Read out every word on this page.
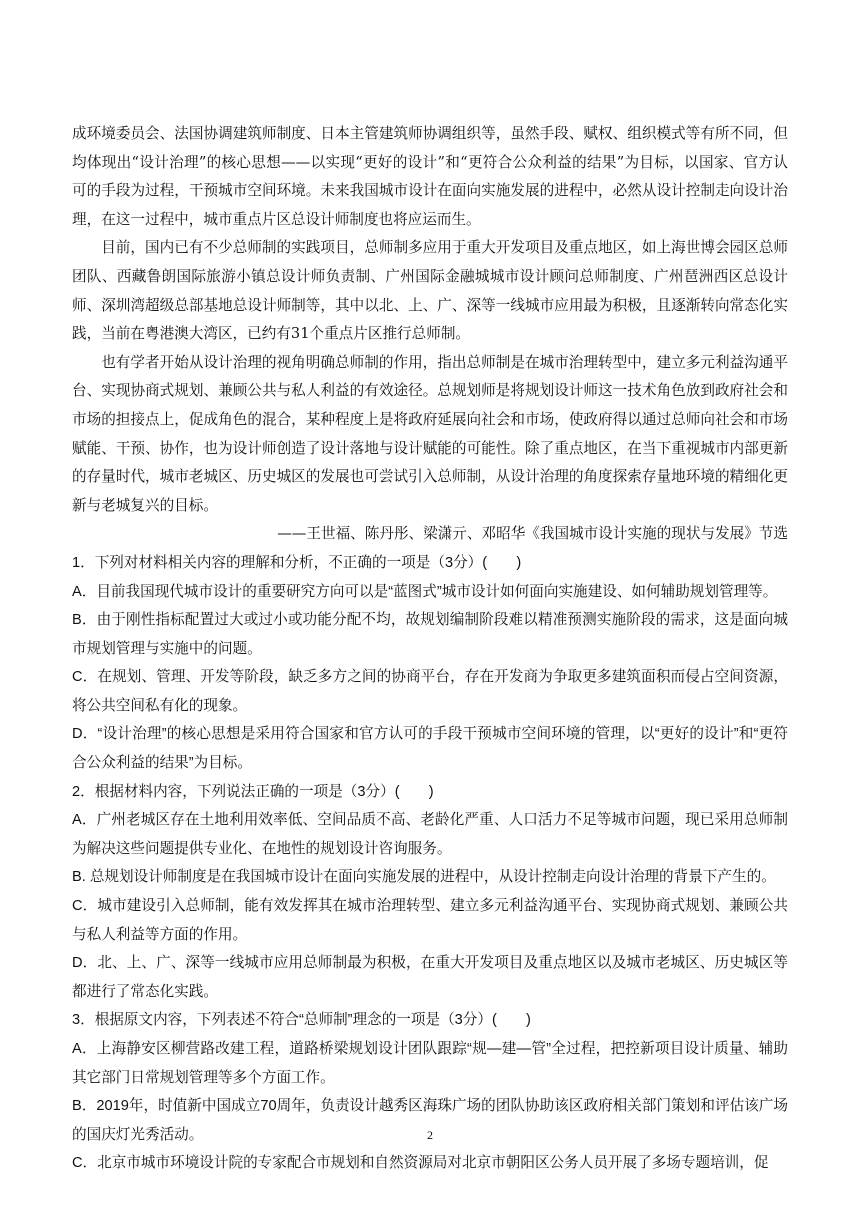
成环境委员会、法国协调建筑师制度、日本主管建筑师协调组织等，虽然手段、赋权、组织模式等有所不同，但均体现出“设计治理”的核心思想——以实现“更好的设计”和“更符合公众利益的结果”为目标，以国家、官方认可的手段为过程，干预城市空间环境。未来我国城市设计在面向实施发展的进程中，必然从设计控制走向设计治理，在这一过程中，城市重点片区总设计师制度也将应运而生。

目前，国内已有不少总师制的实践项目，总师制多应用于重大开发项目及重点地区，如上海世博会园区总师团队、西藏鲁朗国际旅游小镇总设计师负责制、广州国际金融城城市设计顾问总师制度、广州琶洲西区总设计师、深圳湾超级总部基地总设计师制等，其中以北、上、广、深等一线城市应用最为积极，且逐渐转向常态化实践，当前在粤港澳大湾区，已约有31个重点片区推行总师制。

也有学者开始从设计治理的视角明确总师制的作用，指出总师制是在城市治理转型中，建立多元利益沟通平台、实现协商式规划、兼顾公共与私人利益的有效途径。总规划师是将规划设计师这一技术角色放到政府社会和市场的担接点上，促成角色的混合，某种程度上是将政府延展向社会和市场，使政府得以通过总师向社会和市场赋能、干预、协作，也为设计师创造了设计落地与设计赋能的可能性。除了重点地区，在当下重视城市内部更新的存量时代，城市老城区、历史城区的发展也可尝试引入总师制，从设计治理的角度探索存量地环境的精细化更新与老城复兴的目标。

——王世福、陈丹彤、梁潇亓、邓昭华《我国城市设计实施的现状与发展》节选

1．下列对材料相关内容的理解和分析，不正确的一项是（3分）(　　)

A．目前我国现代城市设计的重要研究方向可以是“蓝图式”城市设计如何面向实施建设、如何辅助规划管理等。

B．由于刚性指标配置过大或过小或功能分配不均，故规划编制阶段难以精准预测实施阶段的需求，这是面向城市规划管理与实施中的问题。

C．在规划、管理、开发等阶段，缺乏多方之间的协商平台，存在开发商为争取更多建筑面积而侵占空间资源，将公共空间私有化的现象。

D．“设计治理”的核心思想是采用符合国家和官方认可的手段干预城市空间环境的管理，以“更好的设计”和“更符合公众利益的结果”为目标。

2．根据材料内容，下列说法正确的一项是（3分）(　　)

A．广州老城区存在土地利用效率低、空间品质不高、老龄化严重、人口活力不足等城市问题，现已采用总师制为解决这些问题提供专业化、在地性的规划设计咨询服务。

B. 总规划设计师制度是在我国城市设计在面向实施发展的进程中，从设计控制走向设计治理的背景下产生的。

C．城市建设引入总师制，能有效发挥其在城市治理转型、建立多元利益沟通平台、实现协商式规划、兼顾公共与私人利益等方面的作用。

D．北、上、广、深等一线城市应用总师制最为积极，在重大开发项目及重点地区以及城市老城区、历史城区等都进行了常态化实践。

3．根据原文内容，下列表述不符合“总师制”理念的一项是（3分）(　　)

A．上海静安区柳营路改建工程，道路桥梁规划设计团队跟踪“规—建—管”全过程，把控新项目设计质量、辅助其它部门日常规划管理等多个方面工作。

B．2019年，时值新中国成立70周年，负责设计越秀区海珠广场的团队协助该区政府相关部门策划和评估该广场的国庆灯光秀活动。

C．北京市城市环境设计院的专家配合市规划和自然资源局对北京市朝阳区公务人员开展了多场专题培训，促

2
